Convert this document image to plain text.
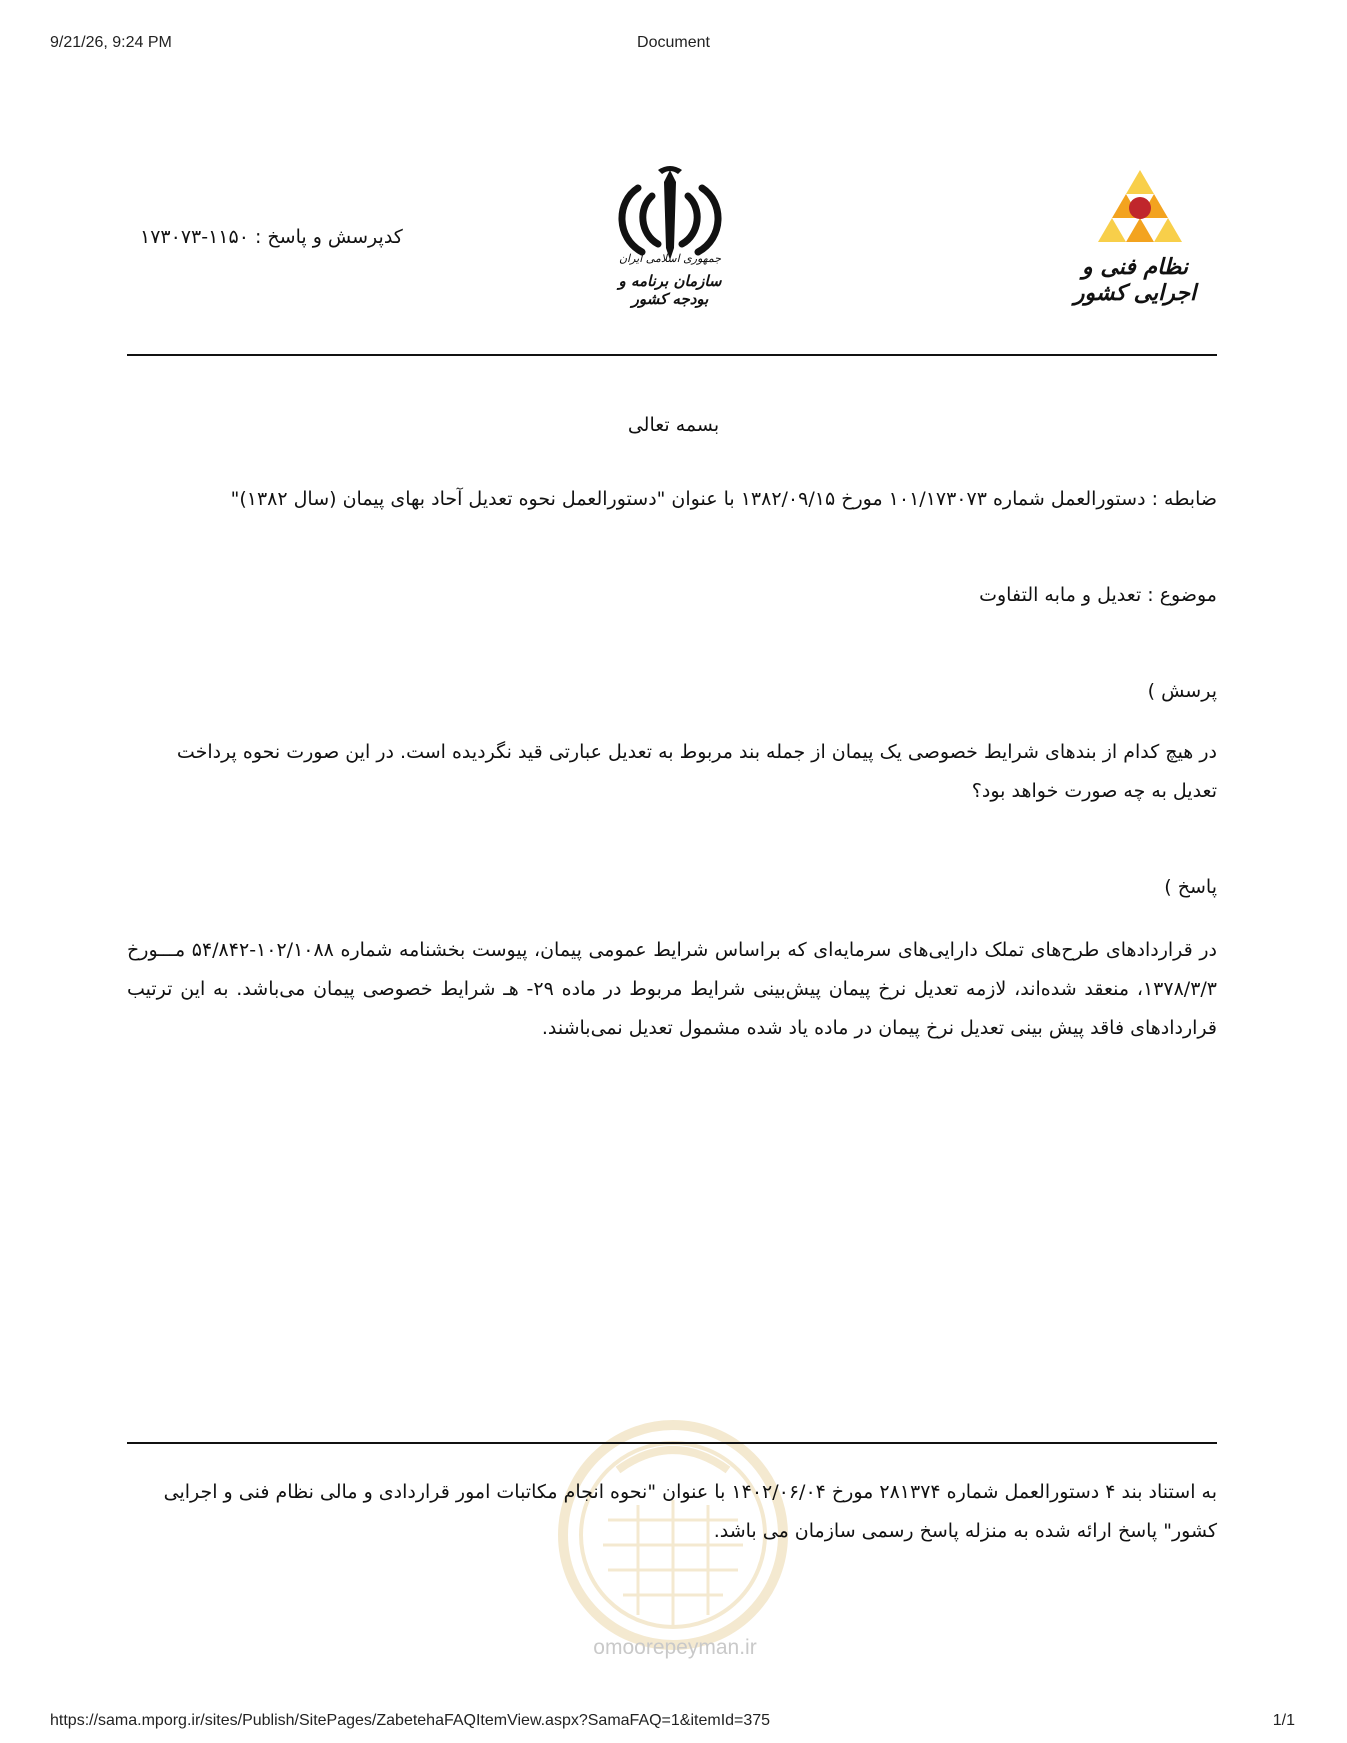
9/21/26, 9:24 PM	Document
کدپرسش و پاسخ : ۱۱۵۰-۱۷۳۰۷۳
جمهوری اسلامی ایران
سازمان برنامه و بودجه کشور
نظام فنی و اجرایی کشور
بسمه تعالی
ضابطه : دستورالعمل شماره ۱۰۱/۱۷۳۰۷۳ مورخ ۱۳۸۲/۰۹/۱۵ با عنوان "دستورالعمل نحوه تعدیل آحاد بهای پیمان (سال ۱۳۸۲)"
موضوع : تعدیل و مابه التفاوت
پرسش )
در هیچ کدام از بندهای شرایط خصوصی یک پیمان از جمله بند مربوط به تعدیل عبارتی قید نگردیده است. در این صورت نحوه پرداخت تعدیل به چه صورت خواهد بود؟
پاسخ )
در قراردادهای طرح‌های تملک دارایی‌های سرمایه‌ای که براساس شرایط عمومی پیمان، پیوست بخشنامه شماره ۱۰۲/۱۰۸۸-۵۴/۸۴۲ مـــورخ ۱۳۷۸/۳/۳، منعقد شده‌اند، لازمه تعدیل نرخ پیمان پیش‌بینی شرایط مربوط در ماده ۲۹- هـ شرایط خصوصی پیمان می‌باشد. به این ترتیب قراردادهای فاقد پیش بینی تعدیل نرخ پیمان در ماده یاد شده مشمول تعدیل نمی‌باشند.
omoorepeyman.ir
به استناد بند ۴ دستورالعمل شماره ۲۸۱۳۷۴ مورخ ۱۴۰۲/۰۶/۰۴ با عنوان "نحوه انجام مکاتبات امور قراردادی و مالی نظام فنی و اجرایی کشور" پاسخ ارائه شده به منزله پاسخ رسمی سازمان می باشد.
https://sama.mporg.ir/sites/Publish/SitePages/ZabetehaFAQItemView.aspx?SamaFAQ=1&itemId=375	1/1
